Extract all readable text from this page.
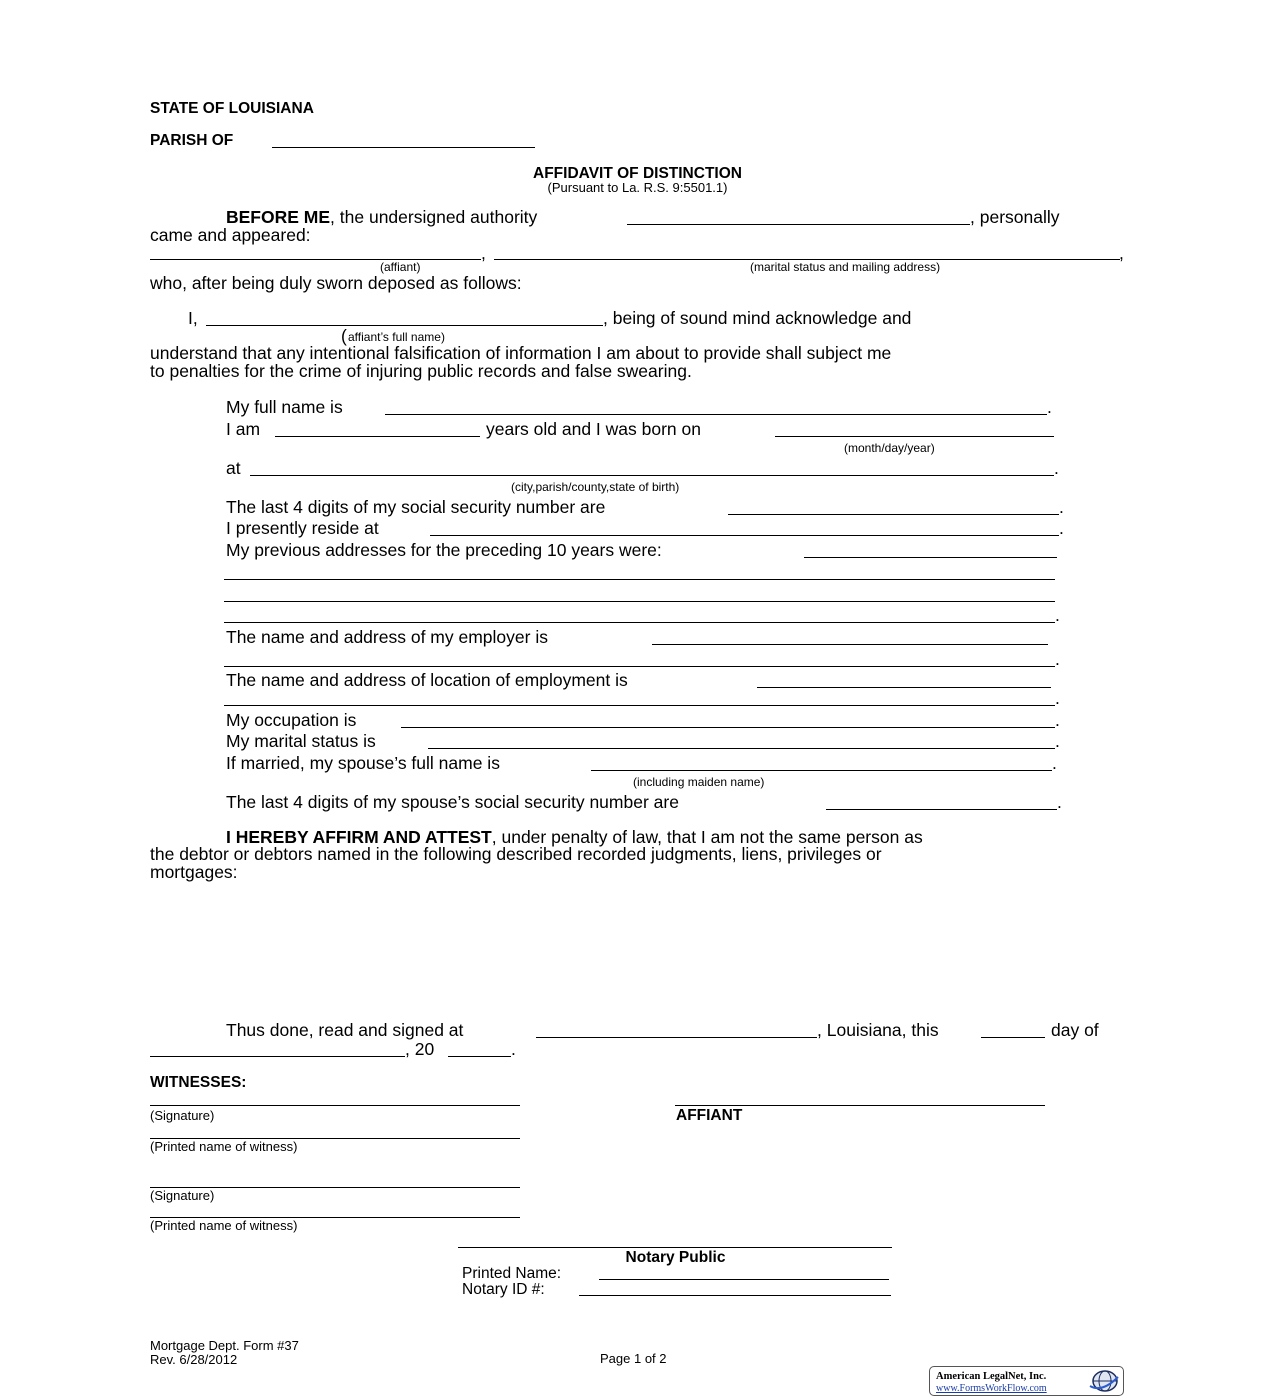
STATE OF LOUISIANA
PARISH OF
AFFIDAVIT OF DISTINCTION
(Pursuant to La. R.S. 9:5501.1)
BEFORE ME, the undersigned authority	, personally
came and appeared:
,	,
(affiant)	(marital status and mailing address)
who, after being duly sworn deposed as follows:
I,	, being of sound mind acknowledge and
( affiant’s full name)
understand that any intentional falsification of information I am about to provide shall subject me
to penalties for the crime of injuring public records and false swearing.
My full name is	.
I am	years old and I was born on
(month/day/year)
at	.
(city,parish/county,state of birth)
The last 4 digits of my social security number are	.
I presently reside at	.
My previous addresses for the preceding 10 years were:
.
The name and address of my employer is
.
The name and address of location of employment is
.
My occupation is	.
My marital status is	.
If married, my spouse’s full name is	.
(including maiden name)
The last 4 digits of my spouse’s social security number are	.
I HEREBY AFFIRM AND ATTEST, under penalty of law, that I am not the same person as
the debtor or debtors named in the following described recorded judgments, liens, privileges or
mortgages:
Thus done, read and signed at	, Louisiana, this	day of
, 20	.
WITNESSES:
(Signature)	AFFIANT
(Printed name of witness)
(Signature)
(Printed name of witness)
Notary Public
Printed Name:
Notary ID #:
Mortgage Dept. Form #37
Rev. 6/28/2012	Page 1 of 2
American LegalNet, Inc.
www.FormsWorkFlow.com
